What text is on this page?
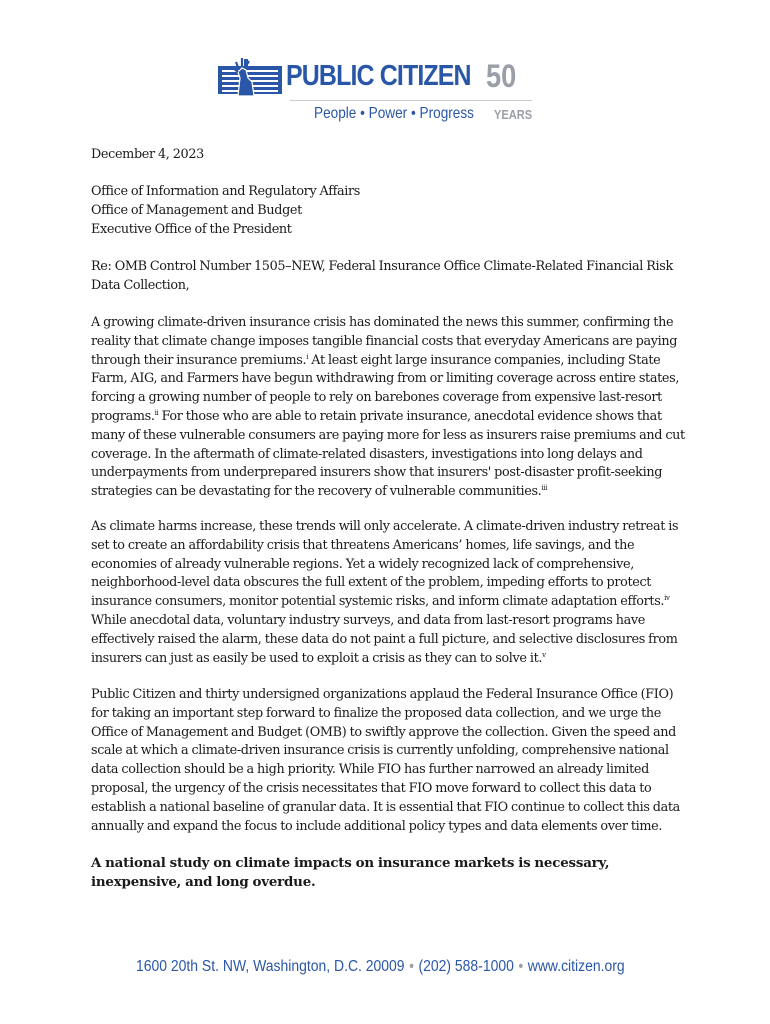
PUBLIC CITIZEN 50
People • Power • Progress YEARS

December 4, 2023

Office of Information and Regulatory Affairs

Office of Management and Budget

Executive Office of the President

Re: OMB Control Number 1505–NEW, Federal Insurance Office Climate-Related Financial Risk Data Collection,

A growing climate-driven insurance crisis has dominated the news this summer, confirming the reality that climate change imposes tangible financial costs that everyday Americans are paying through their insurance premiums.$^i$ At least eight large insurance companies, including State Farm, AIG, and Farmers have begun withdrawing from or limiting coverage across entire states, forcing a growing number of people to rely on barebones coverage from expensive last-resort programs.$^{ii}$ For those who are able to retain private insurance, anecdotal evidence shows that many of these vulnerable consumers are paying more for less as insurers raise premiums and cut coverage. In the aftermath of climate-related disasters, investigations into long delays and underpayments from underprepared insurers show that insurers' post-disaster profit-seeking strategies can be devastating for the recovery of vulnerable communities.$^{iii}$

As climate harms increase, these trends will only accelerate. A climate-driven industry retreat is set to create an affordability crisis that threatens Americans’ homes, life savings, and the economies of already vulnerable regions. Yet a widely recognized lack of comprehensive, neighborhood-level data obscures the full extent of the problem, impeding efforts to protect insurance consumers, monitor potential systemic risks, and inform climate adaptation efforts.$^{iv}$ While anecdotal data, voluntary industry surveys, and data from last-resort programs have effectively raised the alarm, these data do not paint a full picture, and selective disclosures from insurers can just as easily be used to exploit a crisis as they can to solve it.$^v$

Public Citizen and thirty undersigned organizations applaud the Federal Insurance Office (FIO) for taking an important step forward to finalize the proposed data collection, and we urge the Office of Management and Budget (OMB) to swiftly approve the collection. Given the speed and scale at which a climate-driven insurance crisis is currently unfolding, comprehensive national data collection should be a high priority. While FIO has further narrowed an already limited proposal, the urgency of the crisis necessitates that FIO move forward to collect this data to establish a national baseline of granular data. It is essential that FIO continue to collect this data annually and expand the focus to include additional policy types and data elements over time.

A national study on climate impacts on insurance markets is necessary, inexpensive, and long overdue.

1600 20th St. NW, Washington, D.C. 20009 • (202) 588-1000 • www.citizen.org
